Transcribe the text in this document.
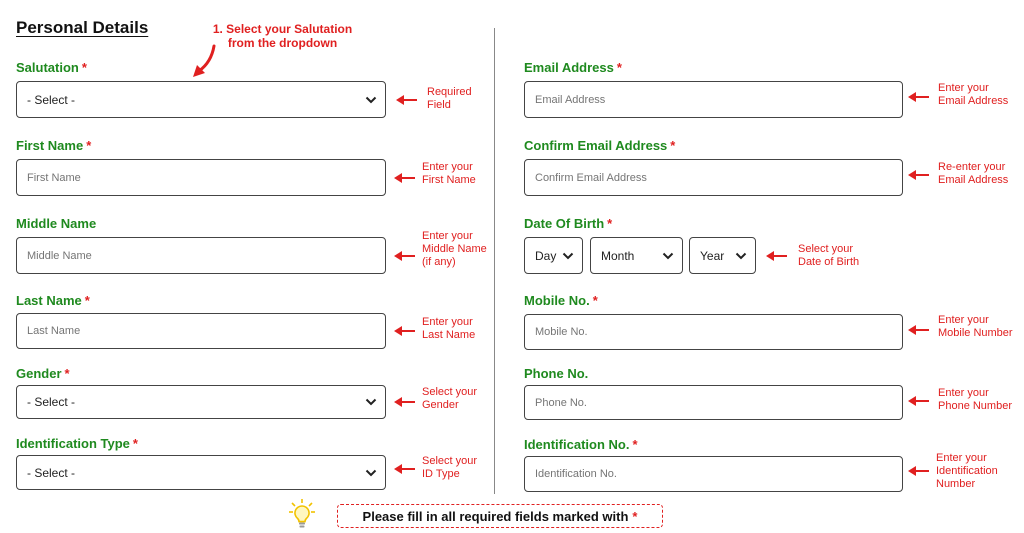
Personal Details	1. Select your Salutation
from the dropdown
Salutation *
- Select -
Required
Field
First Name *
First Name
Enter your
First Name
Middle Name
Middle Name
Enter your
Middle Name
(if any)
Last Name *
Last Name
Enter your
Last Name
Gender *
- Select -
Select your
Gender
Identification Type *
- Select -
Select your
ID Type
Email Address *
Email Address
Enter your
Email Address
Confirm Email Address *
Confirm Email Address
Re-enter your
Email Address
Date Of Birth *
Day	Month	Year	Select your
Date of Birth
Mobile No. *
Mobile No.
Enter your
Mobile Number
Phone No.
Phone No.
Enter your
Phone Number
Identification No. *
Identification No.
Enter your
Identification
Number
Please fill in all required fields marked with *
